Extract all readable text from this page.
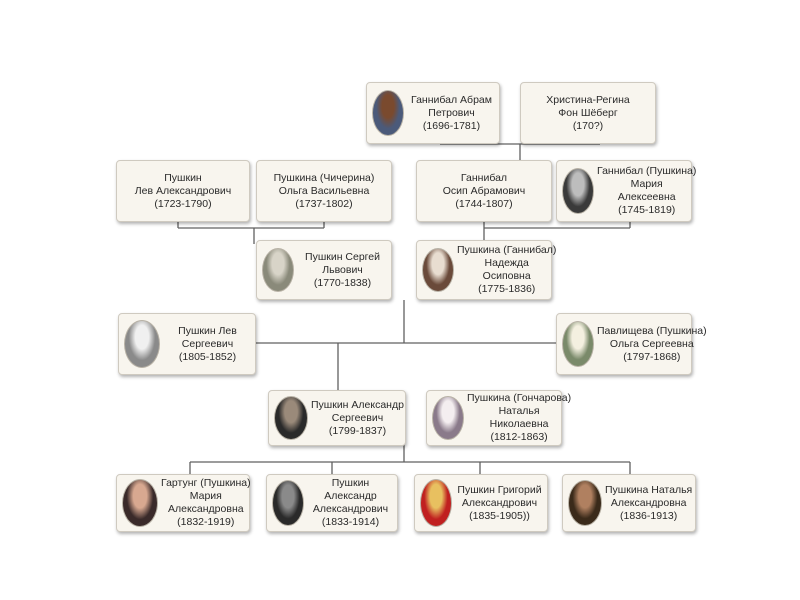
Ганнибал Абрам
Петрович
(1696-1781)
Христина-Регина
Фон Шёберг
(170?)
Пушкин
Лев Александрович
(1723-1790)
Пушкина (Чичерина)
Ольга Васильевна
(1737-1802)
Ганнибал
Осип Абрамович
(1744-1807)
Ганнибал (Пушкина)
Мария
Алексеевна
(1745-1819)
Пушкин Сергей
Львович
(1770-1838)
Пушкина (Ганнибал)
Надежда
Осиповна
(1775-1836)
Пушкин Лев
Сергеевич
(1805-1852)
Павлищева (Пушкина)
Ольга Сергеевна
(1797-1868)
Пушкин Александр
Сергеевич
(1799-1837)
Пушкина (Гончарова)
Наталья
Николаевна
(1812-1863)
Гартунг (Пушкина)
Мария
Александровна
(1832-1919)
Пушкин
Александр
Александрович
(1833-1914)
Пушкин Григорий
Александрович
(1835-1905))
Пушкина Наталья
Александровна
(1836-1913)
